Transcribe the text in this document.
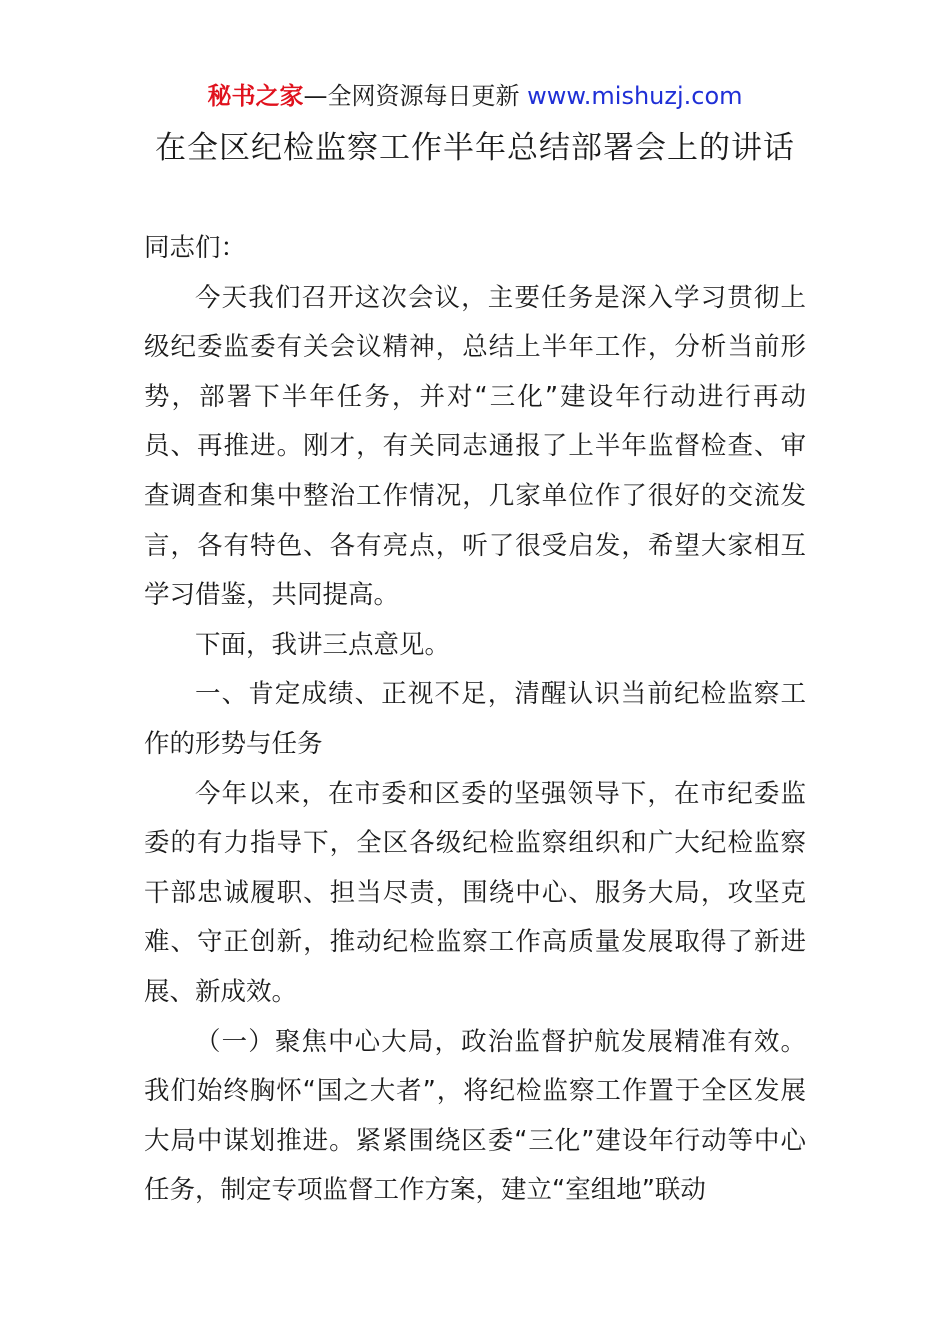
秘书之家—全网资源每日更新 www.mishuzj.com
在全区纪检监察工作半年总结部署会上的讲话

同志们：

今天我们召开这次会议，主要任务是深入学习贯彻上级纪委监委有关会议精神，总结上半年工作，分析当前形势，部署下半年任务，并对“三化”建设年行动进行再动员、再推进。刚才，有关同志通报了上半年监督检查、审查调查和集中整治工作情况，几家单位作了很好的交流发言，各有特色、各有亮点，听了很受启发，希望大家相互学习借鉴，共同提高。

下面，我讲三点意见。

一、肯定成绩、正视不足，清醒认识当前纪检监察工作的形势与任务

今年以来，在市委和区委的坚强领导下，在市纪委监委的有力指导下，全区各级纪检监察组织和广大纪检监察干部忠诚履职、担当尽责，围绕中心、服务大局，攻坚克难、守正创新，推动纪检监察工作高质量发展取得了新进展、新成效。

（一）聚焦中心大局，政治监督护航发展精准有效。我们始终胸怀“国之大者”，将纪检监察工作置于全区发展大局中谋划推进。紧紧围绕区委“三化”建设年行动等中心任务，制定专项监督工作方案，建立“室组地”联动
